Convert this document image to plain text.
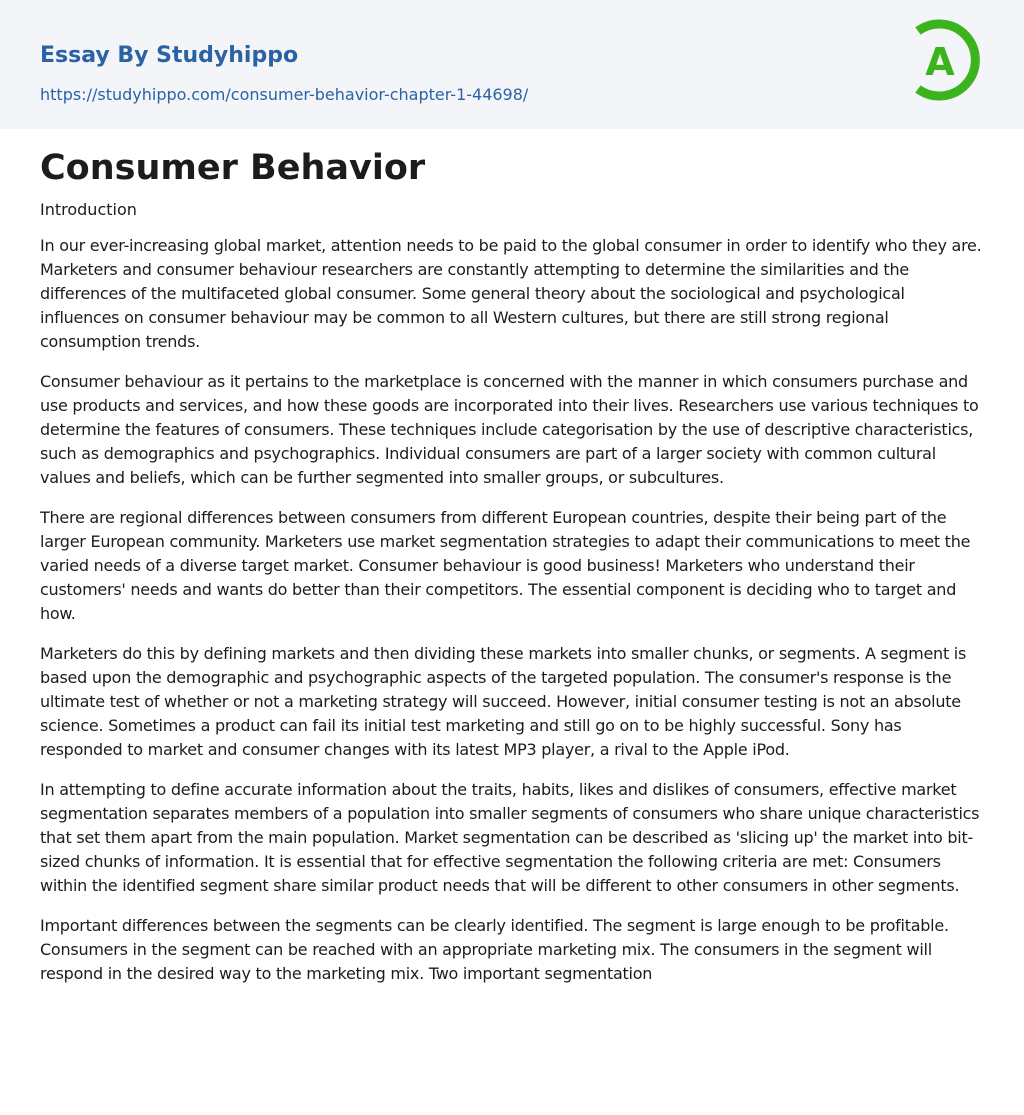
Essay By Studyhippo
https://studyhippo.com/consumer-behavior-chapter-1-44698/
A
Consumer Behavior

Introduction

In our ever-increasing global market, attention needs to be paid to the global consumer in order to identify who they are. Marketers and consumer behaviour researchers are constantly attempting to determine the similarities and the differences of the multifaceted global consumer. Some general theory about the sociological and psychological influences on consumer behaviour may be common to all Western cultures, but there are still strong regional consumption trends.

Consumer behaviour as it pertains to the marketplace is concerned with the manner in which consumers purchase and use products and services, and how these goods are incorporated into their lives. Researchers use various techniques to determine the features of consumers. These techniques include categorisation by the use of descriptive characteristics, such as demographics and psychographics. Individual consumers are part of a larger society with common cultural values and beliefs, which can be further segmented into smaller groups, or subcultures.

There are regional differences between consumers from different European countries, despite their being part of the larger European community. Marketers use market segmentation strategies to adapt their communications to meet the varied needs of a diverse target market. Consumer behaviour is good business! Marketers who understand their customers' needs and wants do better than their competitors. The essential component is deciding who to target and how.

Marketers do this by defining markets and then dividing these markets into smaller chunks, or segments. A segment is based upon the demographic and psychographic aspects of the targeted population. The consumer's response is the ultimate test of whether or not a marketing strategy will succeed. However, initial consumer testing is not an absolute science. Sometimes a product can fail its initial test marketing and still go on to be highly successful. Sony has responded to market and consumer changes with its latest MP3 player, a rival to the Apple iPod.

In attempting to define accurate information about the traits, habits, likes and dislikes of consumers, effective market segmentation separates members of a population into smaller segments of consumers who share unique characteristics that set them apart from the main population. Market segmentation can be described as 'slicing up' the market into bit-sized chunks of information. It is essential that for effective segmentation the following criteria are met: Consumers within the identified segment share similar product needs that will be different to other consumers in other segments.

Important differences between the segments can be clearly identified. The segment is large enough to be profitable. Consumers in the segment can be reached with an appropriate marketing mix. The consumers in the segment will respond in the desired way to the marketing mix. Two important segmentation
